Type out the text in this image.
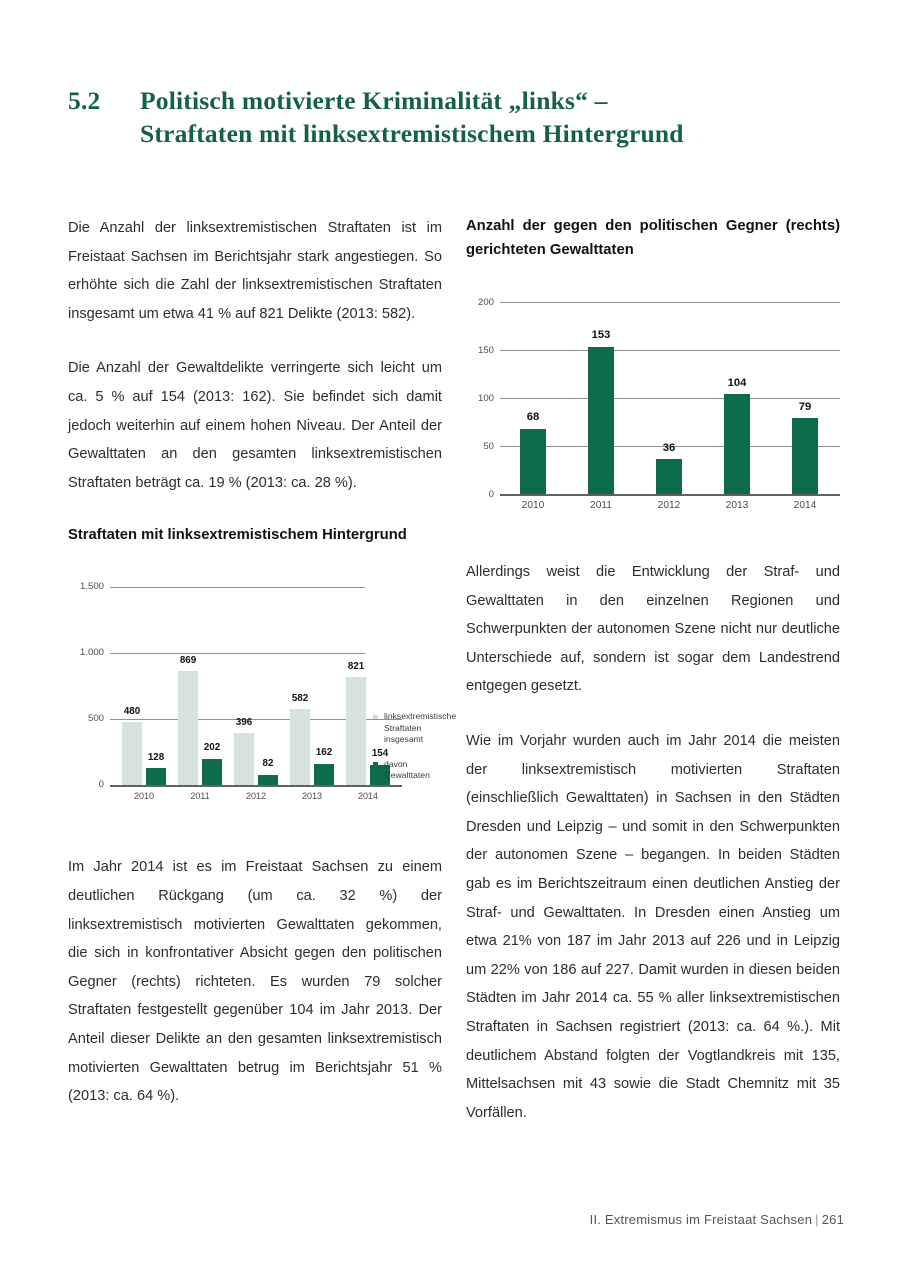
5.2	Politisch motivierte Kriminalität „links“ –
Straftaten mit linksextremistischem Hintergrund

Die Anzahl der linksextremistischen Straftaten ist im Freistaat Sachsen im Berichtsjahr stark angestiegen. So erhöhte sich die Zahl der linksextremistischen Straftaten insgesamt um etwa 41 % auf 821 Delikte (2013: 582).

Die Anzahl der Gewaltdelikte verringerte sich leicht um ca. 5 % auf 154 (2013: 162). Sie befindet sich damit jedoch weiterhin auf einem hohen Niveau. Der Anteil der Gewalttaten an den gesamten linksextremistischen Straftaten beträgt ca. 19 % (2013: ca. 28 %).

Straftaten mit linksextremistischem Hintergrund
1.500
1.000
500
0
480
128
2010
869
202
2011
396
82
2012
582
162
2013
821
154
2014
linksextremistische Straftaten insgesamt
davon Gewalttaten

Im Jahr 2014 ist es im Freistaat Sachsen zu einem deutlichen Rückgang (um ca. 32 %) der linksextremistisch motivierten Gewalttaten gekommen, die sich in konfrontativer Absicht gegen den politischen Gegner (rechts) richteten. Es wurden 79 solcher Straftaten festgestellt gegenüber 104 im Jahr 2013. Der Anteil dieser Delikte an den gesamten linksextremistisch motivierten Gewalttaten betrug im Berichtsjahr 51 % (2013: ca. 64 %).

Anzahl der gegen den politischen Gegner (rechts) gerichteten Gewalttaten
200
150
100
50
0
68
2010
153
2011
36
2012
104
2013
79
2014

Allerdings weist die Entwicklung der Straf- und Gewalttaten in den einzelnen Regionen und Schwerpunkten der autonomen Szene nicht nur deutliche Unterschiede auf, sondern ist sogar dem Landestrend entgegen gesetzt.

Wie im Vorjahr wurden auch im Jahr 2014 die meisten der linksextremistisch motivierten Straftaten (einschließlich Gewalttaten) in Sachsen in den Städten Dresden und Leipzig – und somit in den Schwerpunkten der autonomen Szene – begangen. In beiden Städten gab es im Berichtszeitraum einen deutlichen Anstieg der Straf- und Gewalttaten. In Dresden einen Anstieg um etwa 21% von 187 im Jahr 2013 auf 226 und in Leipzig um 22% von 186 auf 227. Damit wurden in diesen beiden Städten im Jahr 2014 ca. 55 % aller linksextremistischen Straftaten in Sachsen registriert (2013: ca. 64 %.). Mit deutlichem Abstand folgten der Vogtlandkreis mit 135, Mittelsachsen mit 43 sowie die Stadt Chemnitz mit 35 Vorfällen.

II. Extremismus im Freistaat Sachsen | 261
